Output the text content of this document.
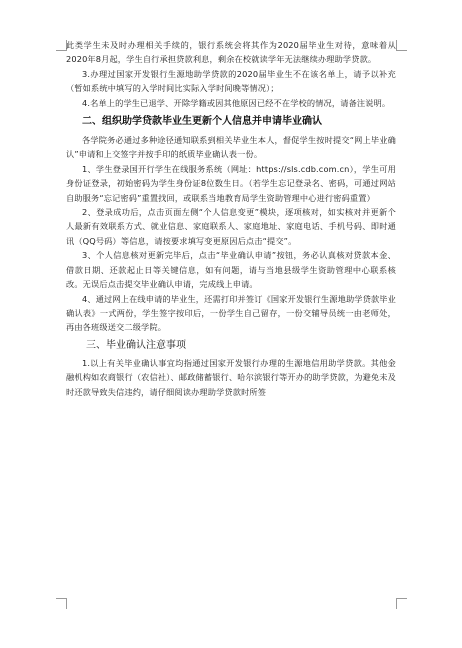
此类学生未及时办理相关手续的，银行系统会将其作为2020届毕业生对待，意味着从2020年8月起，学生自行承担贷款利息，剩余在校就读学年无法继续办理助学贷款。

3.办理过国家开发银行生源地助学贷款的2020届毕业生不在该名单上，请予以补充（暂如系统中填写的入学时间比实际入学时间晚等情况）；

4.名单上的学生已退学、开除学籍或因其他原因已经不在学校的情况，请备注说明。

二、组织助学贷款毕业生更新个人信息并申请毕业确认

各学院务必通过多种途径通知联系到相关毕业生本人，督促学生按时提交“网上毕业确认”申请和上交签字并按手印的纸质毕业确认表一份。

1、学生登录国开行学生在线服务系统（网址：https://sls.cdb.com.cn），学生可用身份证登录，初始密码为学生身份证8位数生日。（若学生忘记登录名、密码，可通过网站自助服务“忘记密码”重置找回，或联系当地教育局学生资助管理中心进行密码重置）

2、登录成功后，点击页面左侧“个人信息变更”模块，逐项核对，如实核对并更新个人最新有效联系方式、就业信息、家庭联系人、家庭地址、家庭电话、手机号码、即时通讯（QQ号码）等信息，请按要求填写变更原因后点击“提交”。

3、个人信息核对更新完毕后，点击“毕业确认申请”按钮，务必认真核对贷款本金、借款日期、还款起止日等关键信息，如有问题，请与当地县级学生资助管理中心联系核改。无误后点击提交毕业确认申请，完成线上申请。

4、通过网上在线申请的毕业生，还需打印并签订《国家开发银行生源地助学贷款毕业确认表》一式两份，学生签字按印后，一份学生自己留存，一份交辅导员统一由老师处，再由各班级送交二级学院。

三、毕业确认注意事项

1.以上有关毕业确认事宜均指通过国家开发银行办理的生源地信用助学贷款。其他金融机构如农商银行（农信社）、邮政储蓄银行、哈尔滨银行等开办的助学贷款，为避免未及时还款导致失信违约，请仔细阅读办理助学贷款时所签
